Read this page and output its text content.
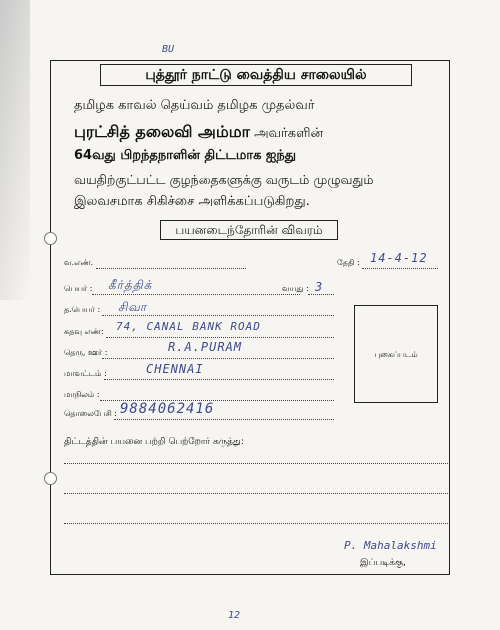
BU
புத்தூர் நாட்டு வைத்திய சாலையில்
தமிழக காவல் தெய்வம் தமிழக முதல்வர்
புரட்சித் தலைவி அம்மா அவர்களின்
64வது பிறந்தநாளின் திட்டமாக ஐந்து
வயதிற்குட்பட்ட குழந்தைகளுக்கு வருடம் முழுவதும்
இலவசமாக சிகிச்சை அளிக்கப்படுகிறது.
பயனடைந்தோரின் விவரம்
வ.எண்.	தேதி : 14-4-12
பெயர் : கீர்த்திக்	வயது : 3
த.பெயர் : சிவா
கதவு எண்: 74, CANAL BANK ROAD
தெரு, ஊர் :	R.A.PURAM
மாவட்டம் :	CHENNAI
மாநிலம் :
தொலைபேசி : 9884062416
புகைப்படம்
திட்டத்தின் பயனை பற்றி பெற்றோர் கருத்து:
P. Mahalakshmi
இப்படிக்கு,
12
